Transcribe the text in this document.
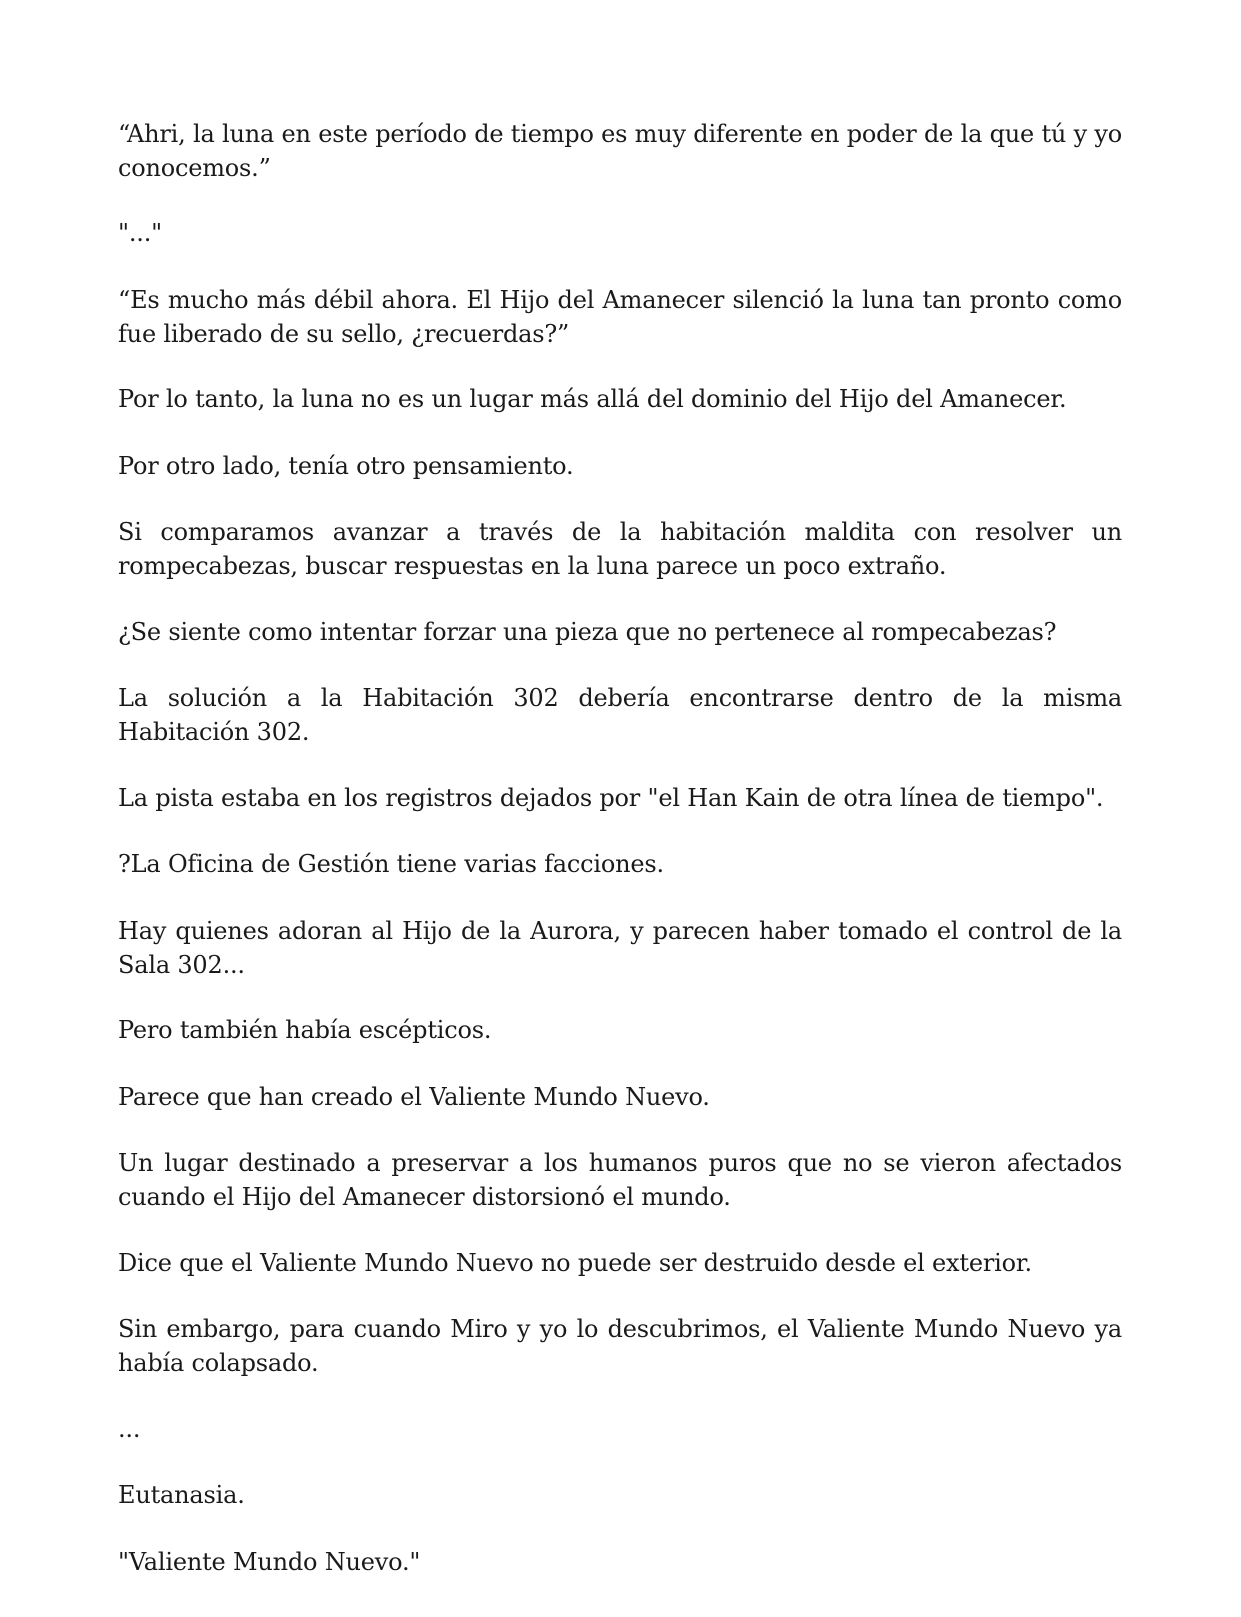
“Ahri, la luna en este período de tiempo es muy diferente en poder de la que tú y yo conocemos.”

"..."

“Es mucho más débil ahora. El Hijo del Amanecer silenció la luna tan pronto como fue liberado de su sello, ¿recuerdas?”

Por lo tanto, la luna no es un lugar más allá del dominio del Hijo del Amanecer.

Por otro lado, tenía otro pensamiento.

Si comparamos avanzar a través de la habitación maldita con resolver un rompecabezas, buscar respuestas en la luna parece un poco extraño.

¿Se siente como intentar forzar una pieza que no pertenece al rompecabezas?

La solución a la Habitación 302 debería encontrarse dentro de la misma Habitación 302.

La pista estaba en los registros dejados por "el Han Kain de otra línea de tiempo".

?La Oficina de Gestión tiene varias facciones.

Hay quienes adoran al Hijo de la Aurora, y parecen haber tomado el control de la Sala 302...

Pero también había escépticos.

Parece que han creado el Valiente Mundo Nuevo.

Un lugar destinado a preservar a los humanos puros que no se vieron afectados cuando el Hijo del Amanecer distorsionó el mundo.

Dice que el Valiente Mundo Nuevo no puede ser destruido desde el exterior.

Sin embargo, para cuando Miro y yo lo descubrimos, el Valiente Mundo Nuevo ya había colapsado.

...

Eutanasia.

"Valiente Mundo Nuevo."
